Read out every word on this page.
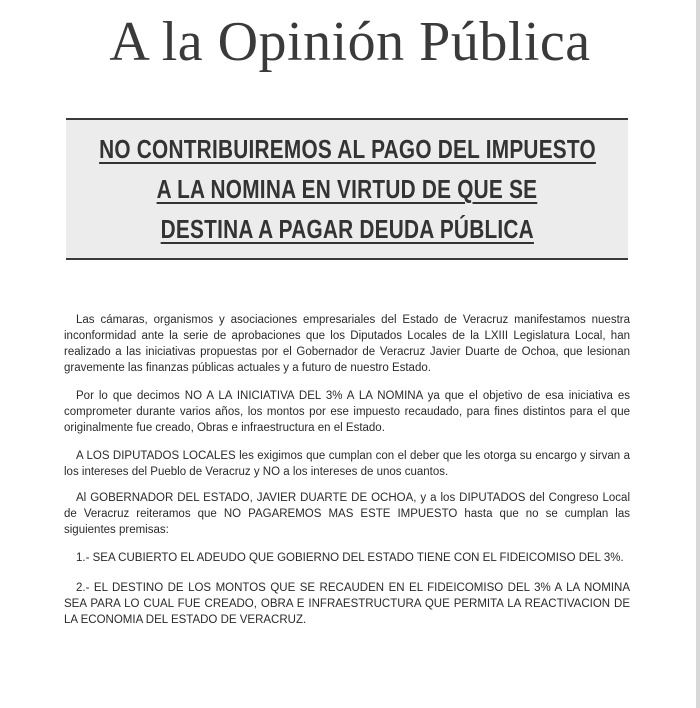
A la Opinión Pública
NO CONTRIBUIREMOS AL PAGO DEL IMPUESTO
A LA NOMINA EN VIRTUD DE QUE SE
DESTINA A PAGAR DEUDA PÚBLICA

Las cámaras, organismos y asociaciones empresariales del Estado de Veracruz manifestamos nuestra inconformidad ante la serie de aprobaciones que los Diputados Locales de la LXIII Legislatura Local, han realizado a las iniciativas propuestas por el Gobernador de Veracruz Javier Duarte de Ochoa, que lesionan gravemente las finanzas públicas actuales y a futuro de nuestro Estado.

Por lo que decimos NO A LA INICIATIVA DEL 3% A LA NOMINA ya que el objetivo de esa iniciativa es comprometer durante varios años, los montos por ese impuesto recaudado, para fines distintos para el que originalmente fue creado, Obras e infraestructura en el Estado.

A LOS DIPUTADOS LOCALES les exigimos que cumplan con el deber que les otorga su encargo y sirvan a los intereses del Pueblo de Veracruz y NO a los intereses de unos cuantos.

Al GOBERNADOR DEL ESTADO, JAVIER DUARTE DE OCHOA, y a los DIPUTADOS del Congreso Local de Veracruz reiteramos que NO PAGAREMOS MAS ESTE IMPUESTO hasta que no se cumplan las siguientes premisas:

1.- SEA CUBIERTO EL ADEUDO QUE GOBIERNO DEL ESTADO TIENE CON EL FIDEICOMISO DEL 3%.

2.- EL DESTINO DE LOS MONTOS QUE SE RECAUDEN EN EL FIDEICOMISO DEL 3% A LA NOMINA SEA PARA LO CUAL FUE CREADO, OBRA E INFRAESTRUCTURA QUE PERMITA LA REACTIVACION DE LA ECONOMIA DEL ESTADO DE VERACRUZ.
